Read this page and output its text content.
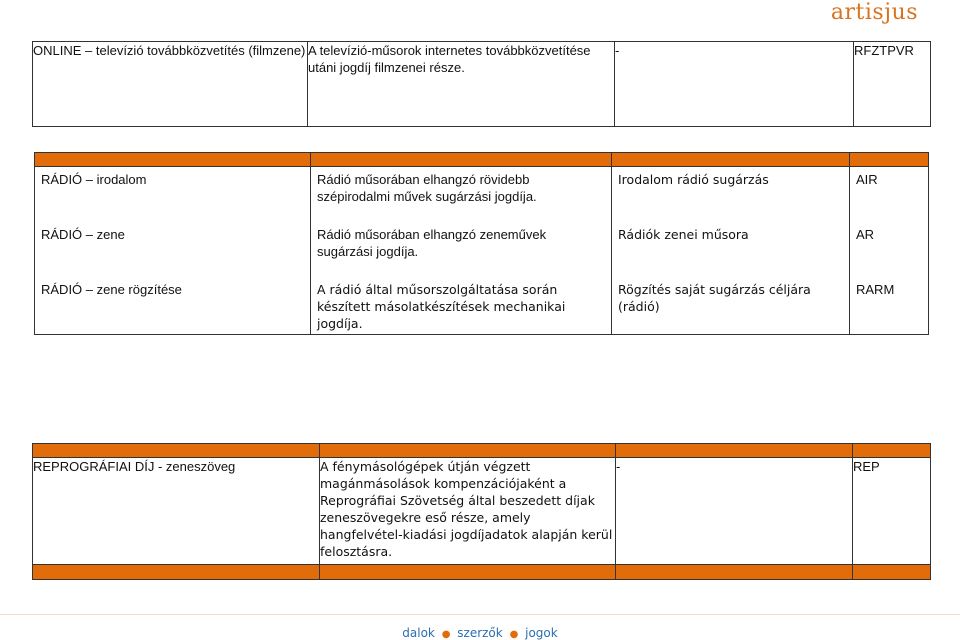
artisjus
ONLINE – televízió továbbközvetítés (filmzene)	A televízió-műsorok internetes továbbközvetítése utáni jogdíj filmzenei része.	-	RFZTPVR

RÁDIÓ – irodalom	Rádió műsorában elhangzó rövidebb szépirodalmi művek sugárzási jogdíja.	Irodalom rádió sugárzás	AIR
RÁDIÓ – zene	Rádió műsorában elhangzó zeneművek sugárzási jogdíja.	Rádiók zenei műsora	AR
RÁDIÓ – zene rögzítése	A rádió által műsorszolgáltatása során készített másolatkészítések mechanikai jogdíja.	Rögzítés saját sugárzás céljára (rádió)	RARM

REPROGRÁFIAI DÍJ - zeneszöveg	A fénymásológépek útján végzett magánmásolások kompenzációjaként a Reprográfiai Szövetség által beszedett díjak zeneszövegekre eső része, amely hangfelvétel-kiadási jogdíjadatok alapján kerül felosztásra.	-	REP

dalok ● szerzők ● jogok
